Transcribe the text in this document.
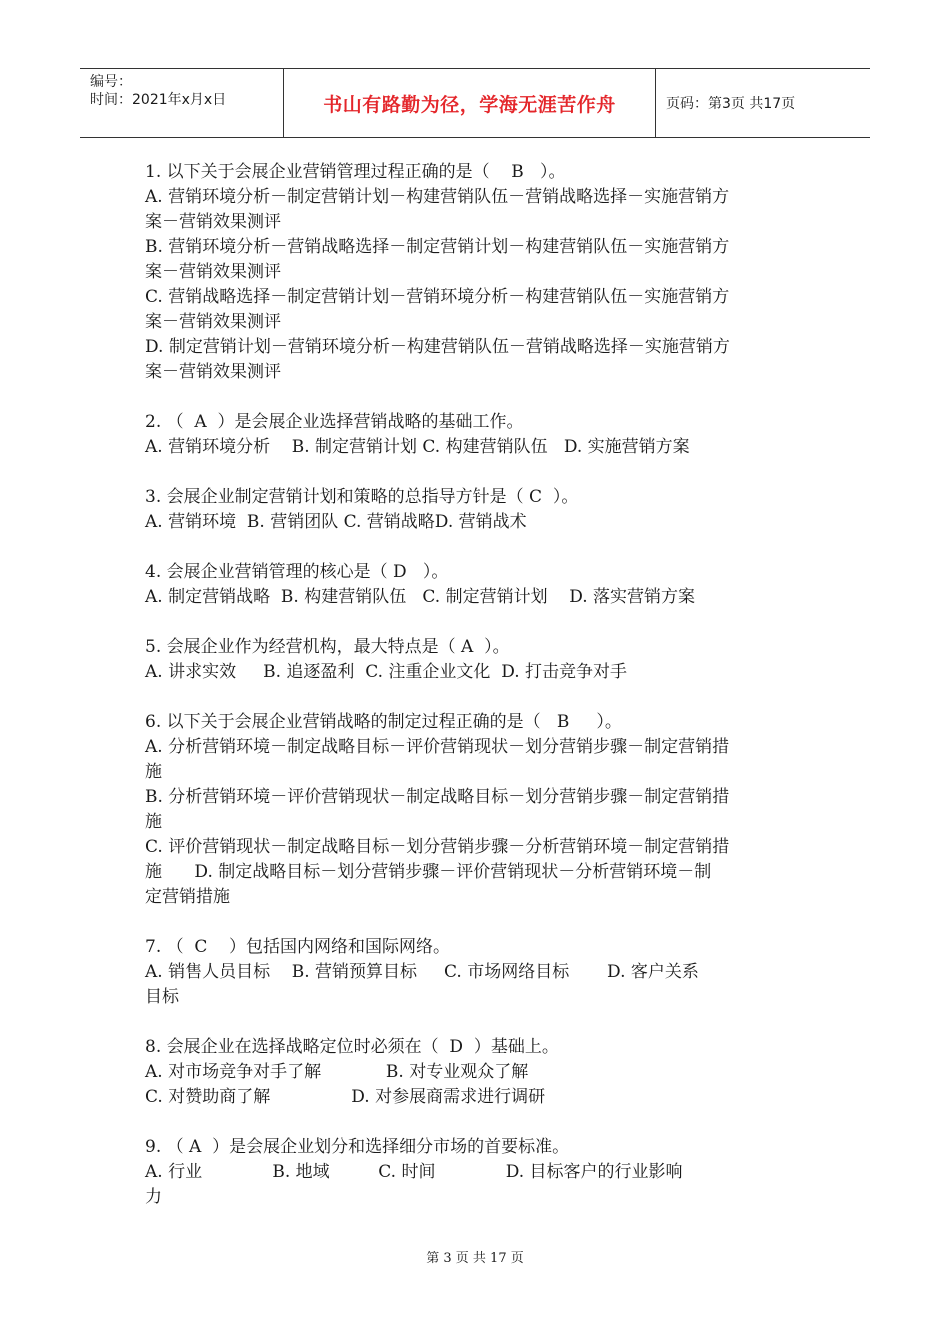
编号：
时间：2021年x月x日	书山有路勤为径，学海无涯苦作舟	页码：第3页 共17页
1. 以下关于会展企业营销管理过程正确的是（    B   ）。
A. 营销环境分析－制定营销计划－构建营销队伍－营销战略选择－实施营销方
案－营销效果测评
B. 营销环境分析－营销战略选择－制定营销计划－构建营销队伍－实施营销方
案－营销效果测评
C. 营销战略选择－制定营销计划－营销环境分析－构建营销队伍－实施营销方
案－营销效果测评
D. 制定营销计划－营销环境分析－构建营销队伍－营销战略选择－实施营销方
案－营销效果测评
2. （  A  ）是会展企业选择营销战略的基础工作。
A. 营销环境分析    B. 制定营销计划 C. 构建营销队伍   D. 实施营销方案
3. 会展企业制定营销计划和策略的总指导方针是（ C  ）。
A. 营销环境  B. 营销团队 C. 营销战略D. 营销战术
4. 会展企业营销管理的核心是（ D   ）。
A. 制定营销战略  B. 构建营销队伍   C. 制定营销计划    D. 落实营销方案
5. 会展企业作为经营机构，最大特点是（ A  ）。
A. 讲求实效     B. 追逐盈利  C. 注重企业文化  D. 打击竞争对手
6. 以下关于会展企业营销战略的制定过程正确的是（   B     ）。
A. 分析营销环境－制定战略目标－评价营销现状－划分营销步骤－制定营销措
施
B. 分析营销环境－评价营销现状－制定战略目标－划分营销步骤－制定营销措
施
C. 评价营销现状－制定战略目标－划分营销步骤－分析营销环境－制定营销措
施      D. 制定战略目标－划分营销步骤－评价营销现状－分析营销环境－制
定营销措施
7. （  C    ）包括国内网络和国际网络。
A. 销售人员目标    B. 营销预算目标     C. 市场网络目标       D. 客户关系
目标
8. 会展企业在选择战略定位时必须在（  D  ）基础上。
A. 对市场竞争对手了解            B. 对专业观众了解
C. 对赞助商了解               D. 对参展商需求进行调研
9. （ A  ）是会展企业划分和选择细分市场的首要标准。
A. 行业             B. 地域         C. 时间             D. 目标客户的行业影响
力
第 3 页 共 17 页
